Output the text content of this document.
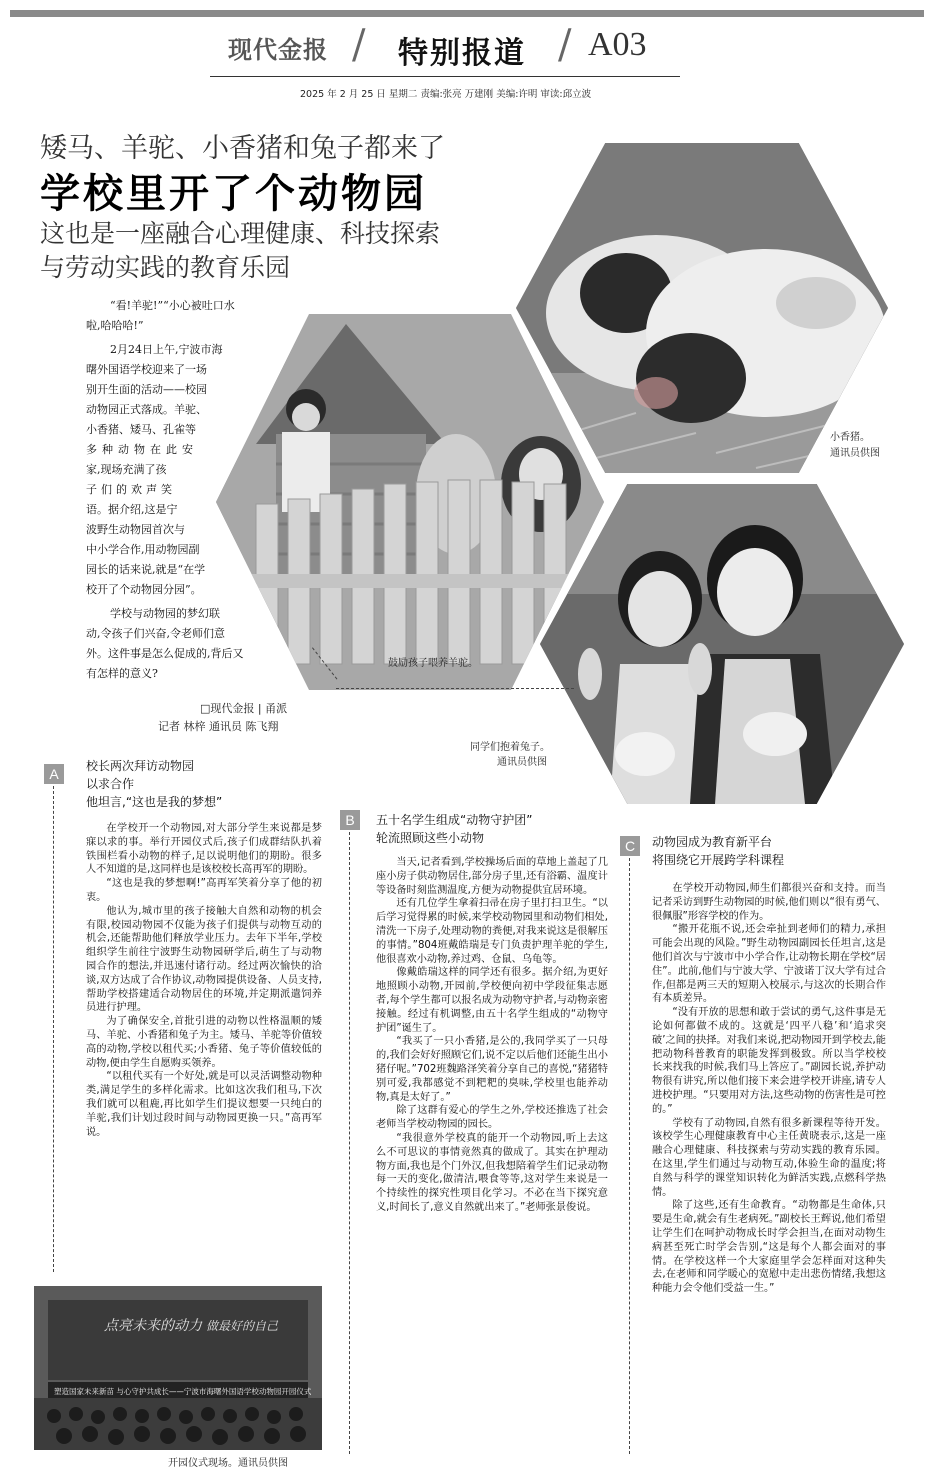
现代金报 / 特别报道 / A03
2025 年 2 月 25 日 星期二 责编:张亮 万建刚 美编:许明 审读:邱立波
矮马、羊驼、小香猪和兔子都来了
学校里开了个动物园
这也是一座融合心理健康、科技探索
与劳动实践的教育乐园
小香猪。
通讯员供图
鼓励孩子喂养羊驼。
同学们抱着兔子。
通讯员供图
“看!羊驼!”“小心被吐口水
啦,哈哈哈!”
2月24日上午,宁波市海
曙外国语学校迎来了一场
别开生面的活动——校园
动物园正式落成。羊驼、
小香猪、矮马、孔雀等
多种动物在此安
家,现场充满了孩
子们的欢声笑
语。据介绍,这是宁
波野生动物园首次与
中小学合作,用动物园副
园长的话来说,就是“在学
校开了个动物园分园”。
学校与动物园的梦幻联
动,令孩子们兴奋,令老师们意
外。这件事是怎么促成的,背后又
有怎样的意义?
□现代金报 | 甬派
记者 林梓 通讯员 陈飞翔
A	校长两次拜访动物园
以求合作
他坦言,“这也是我的梦想”

在学校开一个动物园,对大部分学生来说都是梦寐以求的事。举行开园仪式后,孩子们成群结队扒着铁围栏看小动物的样子,足以说明他们的期盼。很多人不知道的是,这同样也是该校校长高再军的期盼。

“这也是我的梦想啊!”高再军笑着分享了他的初衷。

他认为,城市里的孩子接触大自然和动物的机会有限,校园动物园不仅能为孩子们提供与动物互动的机会,还能帮助他们释放学业压力。去年下半年,学校组织学生前往宁波野生动物园研学后,萌生了与动物园合作的想法,并迅速付诸行动。经过两次愉快的洽谈,双方达成了合作协议,动物园提供设备、人员支持,帮助学校搭建适合动物居住的环境,并定期派遣饲养员进行护理。

为了确保安全,首批引进的动物以性格温顺的矮马、羊驼、小香猪和兔子为主。矮马、羊驼等价值较高的动物,学校以租代买;小香猪、兔子等价值较低的动物,便由学生自愿购买领养。

“以租代买有一个好处,就是可以灵活调整动物种类,满足学生的多样化需求。比如这次我们租马,下次我们就可以租鹿,再比如学生们提议想要一只纯白的羊驼,我们计划过段时间与动物园更换一只。”高再军说。

点亮未来的动力 做最好的自己
塑造国家未来新苗 与心守护共成长——宁波市海曙外国语学校动物园开园仪式
开园仪式现场。通讯员供图
B	五十名学生组成“动物守护团”
轮流照顾这些小动物

当天,记者看到,学校操场后面的草地上盖起了几座小房子供动物居住,部分房子里,还有浴霸、温度计等设备时刻监测温度,方便为动物提供宜居环境。

还有几位学生拿着扫帚在房子里打扫卫生。“以后学习觉得累的时候,来学校动物园里和动物们相处,清洗一下房子,处理动物的粪便,对我来说这是很解压的事情。”804班戴皓瑞是专门负责护理羊驼的学生,他很喜欢小动物,养过鸡、仓鼠、乌龟等。

像戴皓瑞这样的同学还有很多。据介绍,为更好地照顾小动物,开园前,学校便向初中学段征集志愿者,每个学生都可以报名成为动物守护者,与动物亲密接触。经过有机调整,由五十名学生组成的“动物守护团”诞生了。

“我买了一只小香猪,是公的,我同学买了一只母的,我们会好好照顾它们,说不定以后他们还能生出小猪仔呢。”702班魏路泽笑着分享自己的喜悦,“猪猪特别可爱,我都感觉不到粑粑的臭味,学校里也能养动物,真是太好了。”

除了这群有爱心的学生之外,学校还推选了社会老师当学校动物园的园长。

“我很意外学校真的能开一个动物园,听上去这么不可思议的事情竟然真的做成了。其实在护理动物方面,我也是个门外汉,但我想陪着学生们记录动物每一天的变化,做清洁,喂食等等,这对学生来说是一个持续性的探究性项目化学习。不必在当下探究意义,时间长了,意义自然就出来了。”老师张景俊说。

C	动物园成为教育新平台
将围绕它开展跨学科课程

在学校开动物园,师生们都很兴奋和支持。而当记者采访到野生动物园的时候,他们则以“很有勇气、很佩服”形容学校的作为。

“搬开花瓶不说,还会牵扯到老师们的精力,承担可能会出现的风险。”野生动物园副园长任坦言,这是他们首次与宁波市中小学合作,让动物长期在学校“居住”。此前,他们与宁波大学、宁波诺丁汉大学有过合作,但都是两三天的短期入校展示,与这次的长期合作有本质差异。

“没有开放的思想和敢于尝试的勇气,这件事是无论如何都做不成的。这就是‘四平八稳’和‘追求突破’之间的抉择。对我们来说,把动物园开到学校去,能把动物科普教育的职能发挥到极致。所以当学校校长来找我的时候,我们马上答应了。”副园长说,养护动物很有讲究,所以他们接下来会进学校开讲座,请专人进校护理。“只要用对方法,这些动物的伤害性是可控的。”

学校有了动物园,自然有很多新课程等待开发。该校学生心理健康教育中心主任黄晓表示,这是一座融合心理健康、科技探索与劳动实践的教育乐园。在这里,学生们通过与动物互动,体验生命的温度;将自然与科学的课堂知识转化为鲜活实践,点燃科学热情。

除了这些,还有生命教育。“动物都是生命体,只要是生命,就会有生老病死。”副校长王辉说,他们希望让学生们在呵护动物成长时学会担当,在面对动物生病甚至死亡时学会告别,“这是每个人都会面对的事情。在学校这样一个大家庭里学会怎样面对这种失去,在老师和同学暖心的宽慰中走出悲伤情绪,我想这种能力会令他们受益一生。”
